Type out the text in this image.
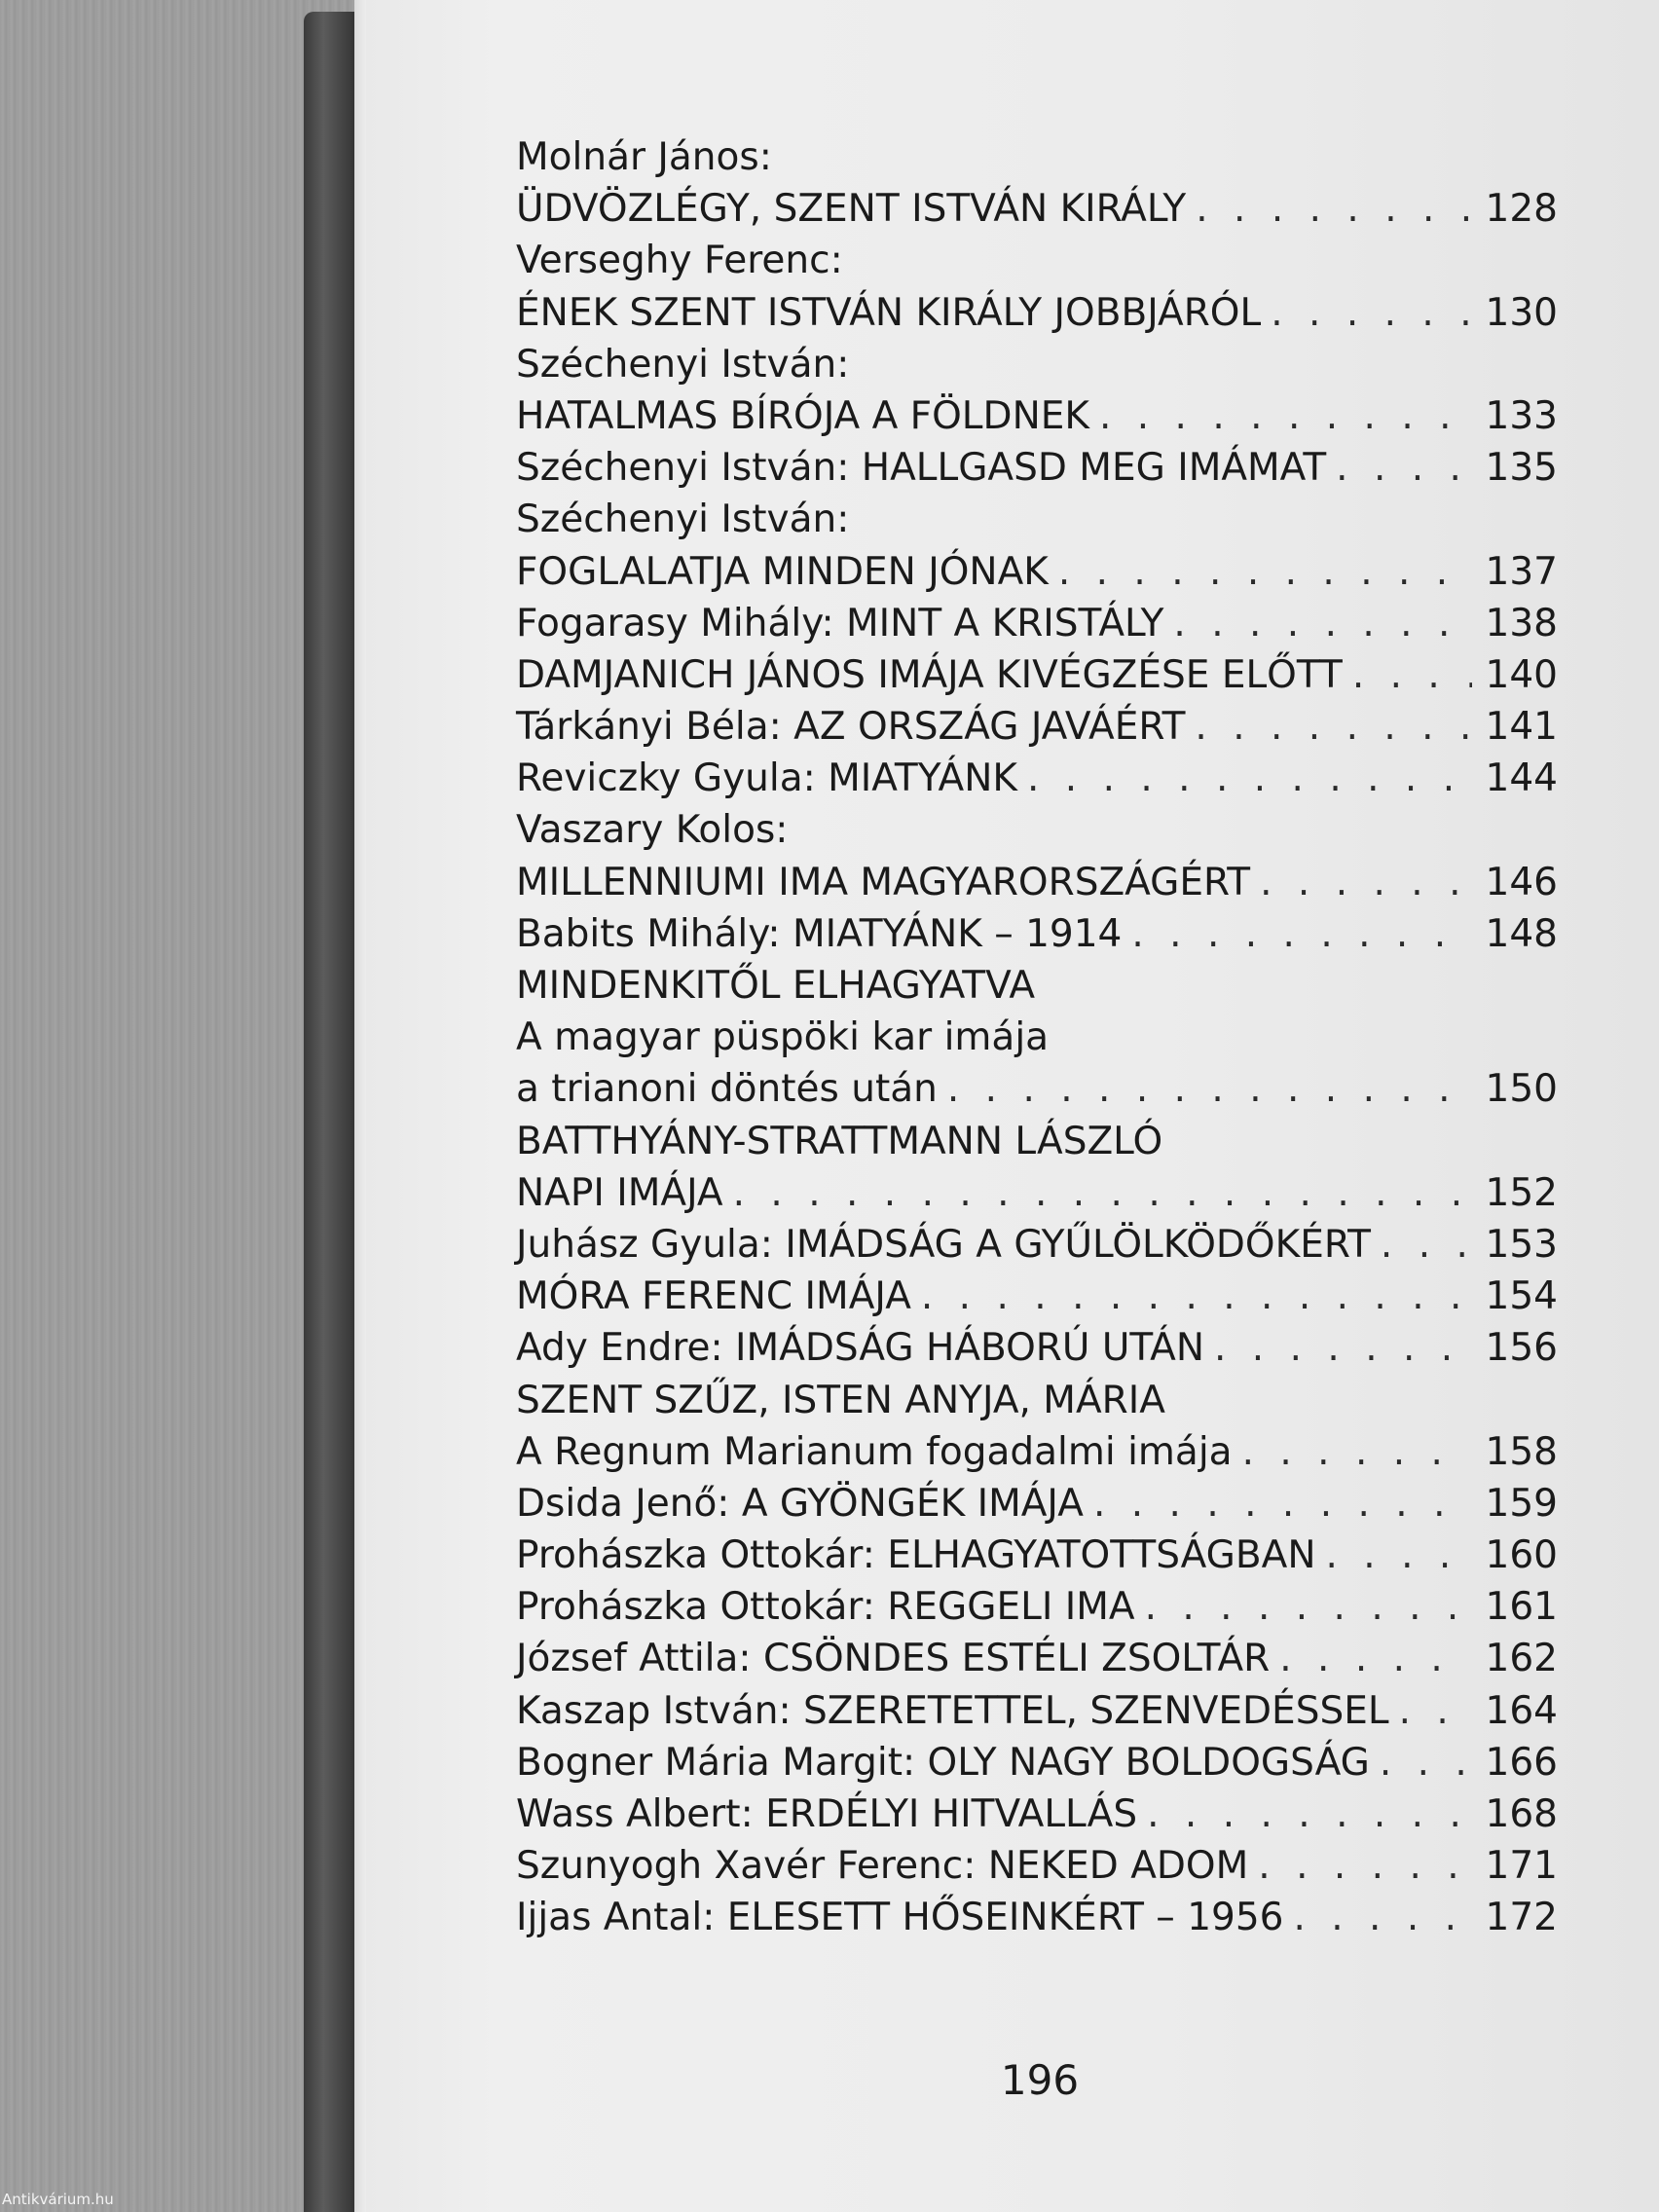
Molnár János:
ÜDVÖZLÉGY, SZENT ISTVÁN KIRÁLY . . .	128
Verseghy Ferenc:
ÉNEK SZENT ISTVÁN KIRÁLY JOBBJÁRÓL . . .	130
Széchenyi István:
HATALMAS BÍRÓJA A FÖLDNEK . . .	133
Széchenyi István: HALLGASD MEG IMÁMAT . . .	135
Széchenyi István:
FOGLALATJA MINDEN JÓNAK . . .	137
Fogarasy Mihály: MINT A KRISTÁLY . . .	138
DAMJANICH JÁNOS IMÁJA KIVÉGZÉSE ELŐTT . . .	140
Tárkányi Béla: AZ ORSZÁG JAVÁÉRT . . .	141
Reviczky Gyula: MIATYÁNK . . .	144
Vaszary Kolos:
MILLENNIUMI IMA MAGYARORSZÁGÉRT . . .	146
Babits Mihály: MIATYÁNK – 1914 . . .	148
MINDENKITŐL ELHAGYATVA
A magyar püspöki kar imája
a trianoni döntés után . . .	150
BATTHYÁNY-STRATTMANN LÁSZLÓ
NAPI IMÁJA . . .	152
Juhász Gyula: IMÁDSÁG A GYŰLÖLKÖDŐKÉRT . . .	153
MÓRA FERENC IMÁJA . . .	154
Ady Endre: IMÁDSÁG HÁBORÚ UTÁN . . .	156
SZENT SZŰZ, ISTEN ANYJA, MÁRIA
A Regnum Marianum fogadalmi imája . . .	158
Dsida Jenő: A GYÖNGÉK IMÁJA . . .	159
Prohászka Ottokár: ELHAGYATOTTSÁGBAN . . .	160
Prohászka Ottokár: REGGELI IMA . . .	161
József Attila: CSÖNDES ESTÉLI ZSOLTÁR . . .	162
Kaszap István: SZERETETTEL, SZENVEDÉSSEL . . .	164
Bogner Mária Margit: OLY NAGY BOLDOGSÁG . . .	166
Wass Albert: ERDÉLYI HITVALLÁS . . .	168
Szunyogh Xavér Ferenc: NEKED ADOM . . .	171
Ijjas Antal: ELESETT HŐSEINKÉRT – 1956 . . .	172
196
Antikvárium.hu
